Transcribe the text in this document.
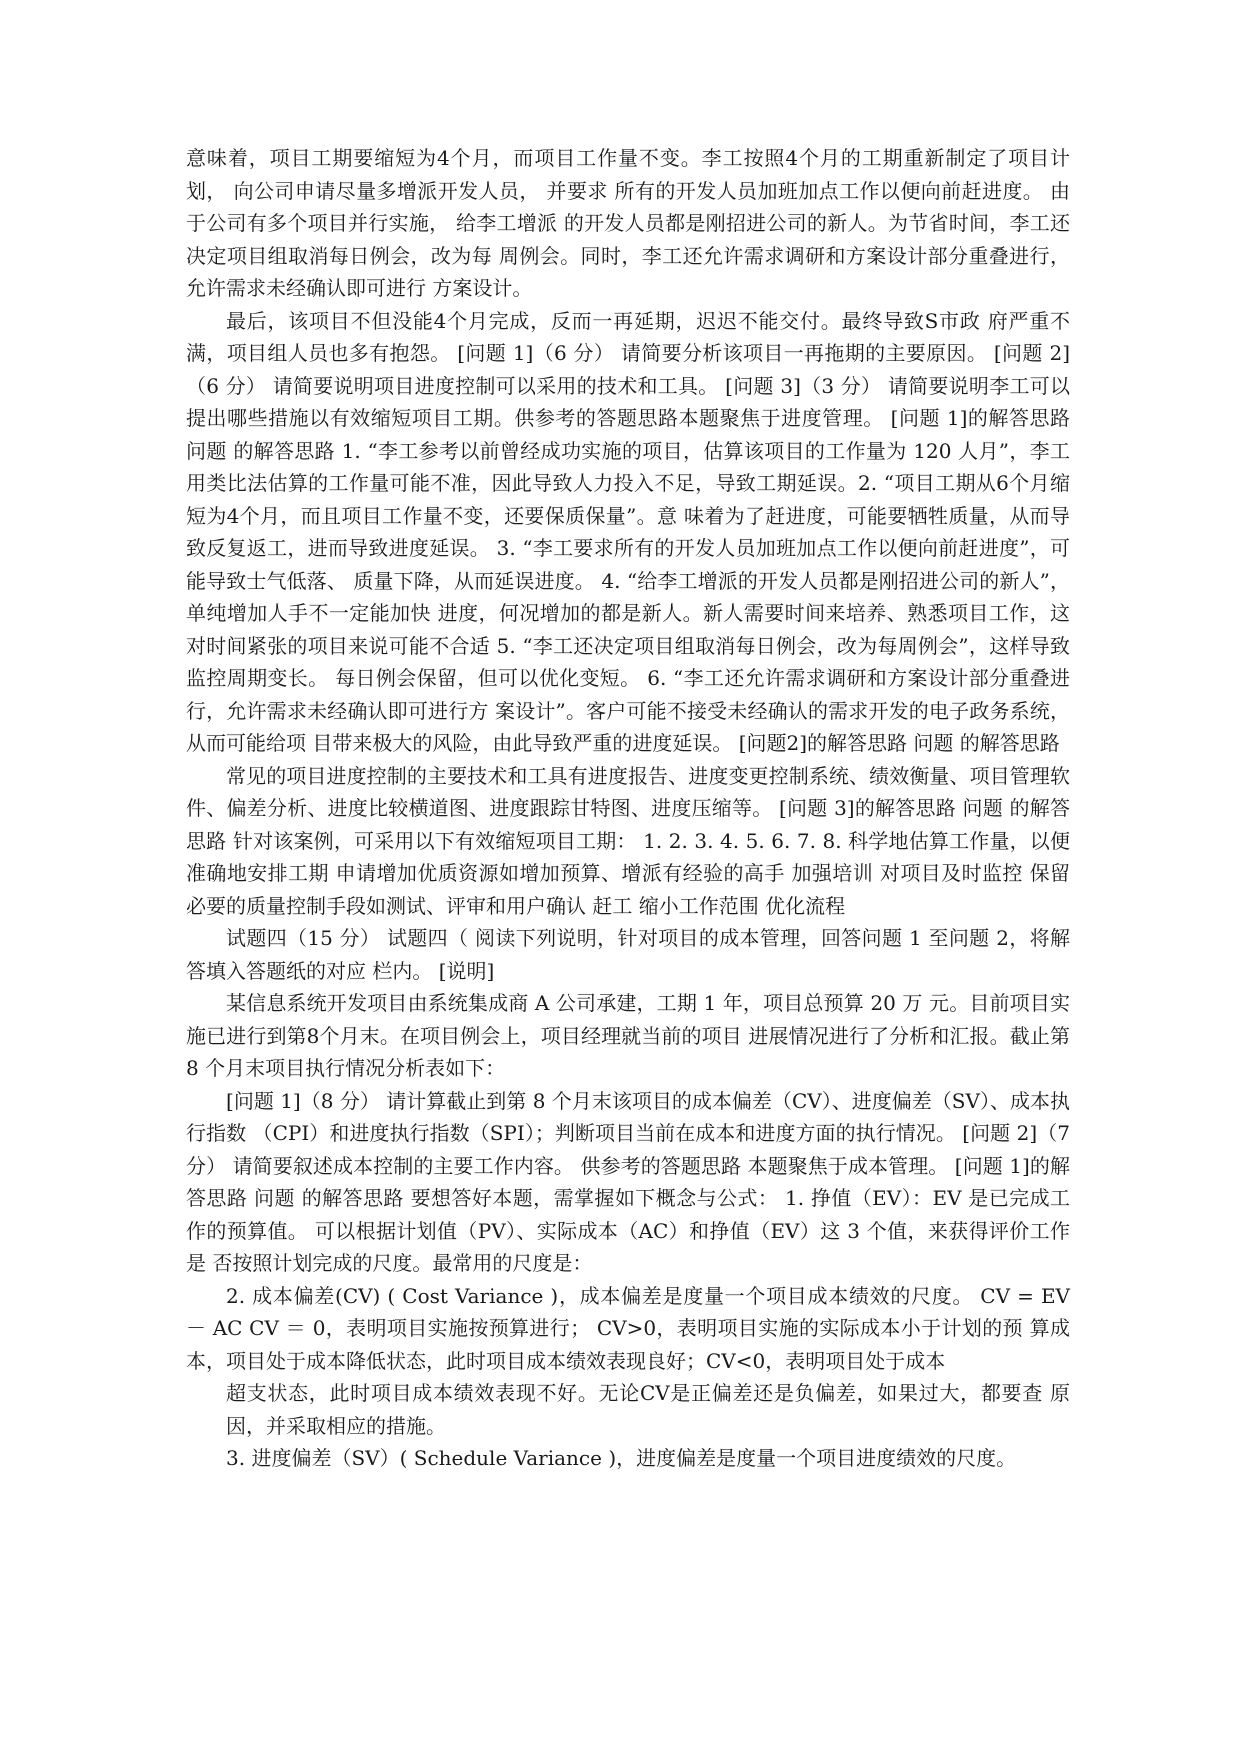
意味着，项目工期要缩短为4个月，而项目工作量不变。李工按照4个月的工期重新制定了项目计划， 向公司申请尽量多增派开发人员， 并要求 所有的开发人员加班加点工作以便向前赶进度。 由于公司有多个项目并行实施， 给李工增派 的开发人员都是刚招进公司的新人。为节省时间，李工还决定项目组取消每日例会，改为每 周例会。同时，李工还允许需求调研和方案设计部分重叠进行，允许需求未经确认即可进行 方案设计。

最后，该项目不但没能4个月完成，反而一再延期，迟迟不能交付。最终导致S市政 府严重不满，项目组人员也多有抱怨。 [问题 1]（6 分） 请简要分析该项目一再拖期的主要原因。 [问题 2]（6 分） 请简要说明项目进度控制可以采用的技术和工具。 [问题 3]（3 分） 请简要说明李工可以提出哪些措施以有效缩短项目工期。供参考的答题思路本题聚焦于进度管理。 [问题 1]的解答思路 问题 的解答思路 1. “李工参考以前曾经成功实施的项目，估算该项目的工作量为 120 人月”，李工 用类比法估算的工作量可能不准，因此导致人力投入不足，导致工期延误。2. “项目工期从6个月缩短为4个月，而且项目工作量不变，还要保质保量”。意 味着为了赶进度，可能要牺牲质量，从而导致反复返工，进而导致进度延误。 3. “李工要求所有的开发人员加班加点工作以便向前赶进度”，可能导致士气低落、 质量下降，从而延误进度。 4. “给李工增派的开发人员都是刚招进公司的新人”，单纯增加人手不一定能加快 进度，何况增加的都是新人。新人需要时间来培养、熟悉项目工作，这对时间紧张的项目来说可能不合适 5. “李工还决定项目组取消每日例会，改为每周例会”，这样导致监控周期变长。 每日例会保留，但可以优化变短。 6. “李工还允许需求调研和方案设计部分重叠进行，允许需求未经确认即可进行方 案设计”。客户可能不接受未经确认的需求开发的电子政务系统，从而可能给项 目带来极大的风险，由此导致严重的进度延误。 [问题2]的解答思路 问题 的解答思路

常见的项目进度控制的主要技术和工具有进度报告、进度变更控制系统、绩效衡量、项目管理软件、偏差分析、进度比较横道图、进度跟踪甘特图、进度压缩等。 [问题 3]的解答思路 问题 的解答思路 针对该案例，可采用以下有效缩短项目工期： 1. 2. 3. 4. 5. 6. 7. 8. 科学地估算工作量，以便准确地安排工期 申请增加优质资源如增加预算、增派有经验的高手 加强培训 对项目及时监控 保留必要的质量控制手段如测试、评审和用户确认 赶工 缩小工作范围 优化流程

试题四（15 分） 试题四（ 阅读下列说明，针对项目的成本管理，回答问题 1 至问题 2，将解答填入答题纸的对应 栏内。 [说明]

某信息系统开发项目由系统集成商 A 公司承建，工期 1 年，项目总预算 20 万 元。目前项目实施已进行到第8个月末。在项目例会上，项目经理就当前的项目 进展情况进行了分析和汇报。截止第 8 个月末项目执行情况分析表如下：

[问题 1]（8 分） 请计算截止到第 8 个月末该项目的成本偏差（CV）、进度偏差（SV）、成本执行指数 （CPI）和进度执行指数（SPI）；判断项目当前在成本和进度方面的执行情况。 [问题 2]（7 分） 请简要叙述成本控制的主要工作内容。 供参考的答题思路 本题聚焦于成本管理。 [问题 1]的解答思路 问题 的解答思路 要想答好本题，需掌握如下概念与公式： 1. 挣值（EV）：EV 是已完成工作的预算值。 可以根据计划值（PV）、实际成本（AC）和挣值（EV）这 3 个值，来获得评价工作是 否按照计划完成的尺度。最常用的尺度是：

2. 成本偏差(CV) ( Cost Variance )，成本偏差是度量一个项目成本绩效的尺度。 CV = EV － AC CV ＝ 0，表明项目实施按预算进行； CV>0，表明项目实施的实际成本小于计划的预 算成本，项目处于成本降低状态，此时项目成本绩效表现良好；CV<0，表明项目处于成本

超支状态，此时项目成本绩效表现不好。无论CV是正偏差还是负偏差，如果过大，都要查 原因，并采取相应的措施。

3. 进度偏差（SV）( Schedule Variance )，进度偏差是度量一个项目进度绩效的尺度。
